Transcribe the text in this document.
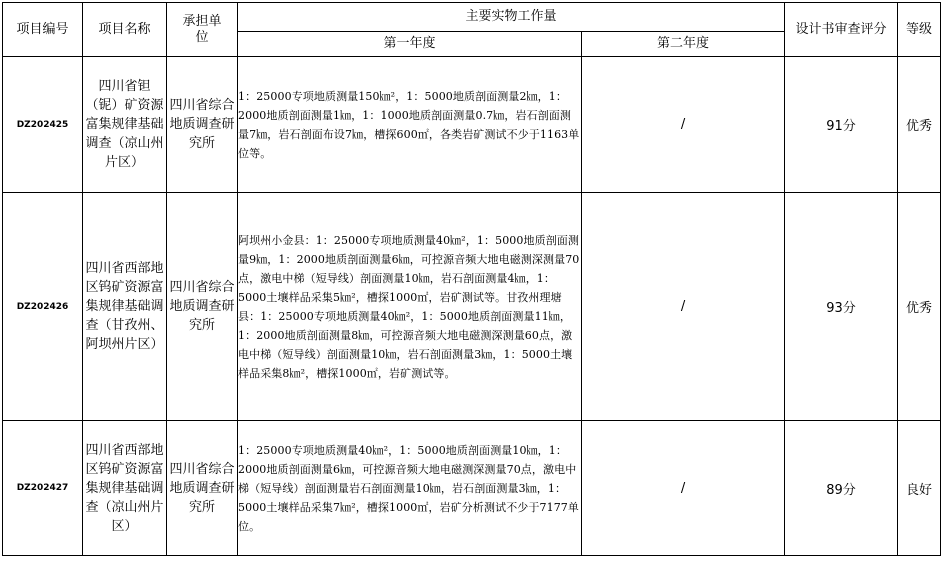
项目编号	项目名称	承担单位	主要实物工作量		设计书审查评分	等级
			第一年度	第二年度		
DZ202425	四川省钽（铌）矿资源富集规律基础调查（凉山州片区）	四川省综合地质调查研究所	1：25000专项地质测量150㎞²，1：5000地质剖面测量2㎞，1：2000地质剖面测量1㎞，1：1000地质剖面测量0.7㎞，岩石剖面测量7㎞，岩石剖面布设7㎞，槽探600㎡，各类岩矿测试不少于1163单位等。	/	91分	优秀
DZ202426	四川省西部地区钨矿资源富集规律基础调查（甘孜州、阿坝州片区）	四川省综合地质调查研究所	阿坝州小金县：1：25000专项地质测量40㎞²，1：5000地质剖面测量9㎞，1：2000地质剖面测量6㎞，可控源音频大地电磁测深测量70点，激电中梯（短导线）剖面测量10㎞，岩石剖面测量4㎞，1：5000土壤样品采集5㎞²，槽探1000㎡，岩矿测试等。甘孜州理塘县：1：25000专项地质测量40㎞²，1：5000地质剖面测量11㎞，1：2000地质剖面测量8㎞，可控源音频大地电磁测深测量60点，激电中梯（短导线）剖面测量10㎞，岩石剖面测量3㎞，1：5000土壤样品采集8㎞²，槽探1000㎡，岩矿测试等。	/	93分	优秀
DZ202427	四川省西部地区钨矿资源富集规律基础调查（凉山州片区）	四川省综合地质调查研究所	1：25000专项地质测量40㎞²，1：5000地质剖面测量10㎞，1：2000地质剖面测量6㎞，可控源音频大地电磁测深测量70点，激电中梯（短导线）剖面测量岩石剖面测量10㎞，岩石剖面测量3㎞，1：5000土壤样品采集7㎞²，槽探1000㎡，岩矿分析测试不少于7177单位。	/	89分	良好
